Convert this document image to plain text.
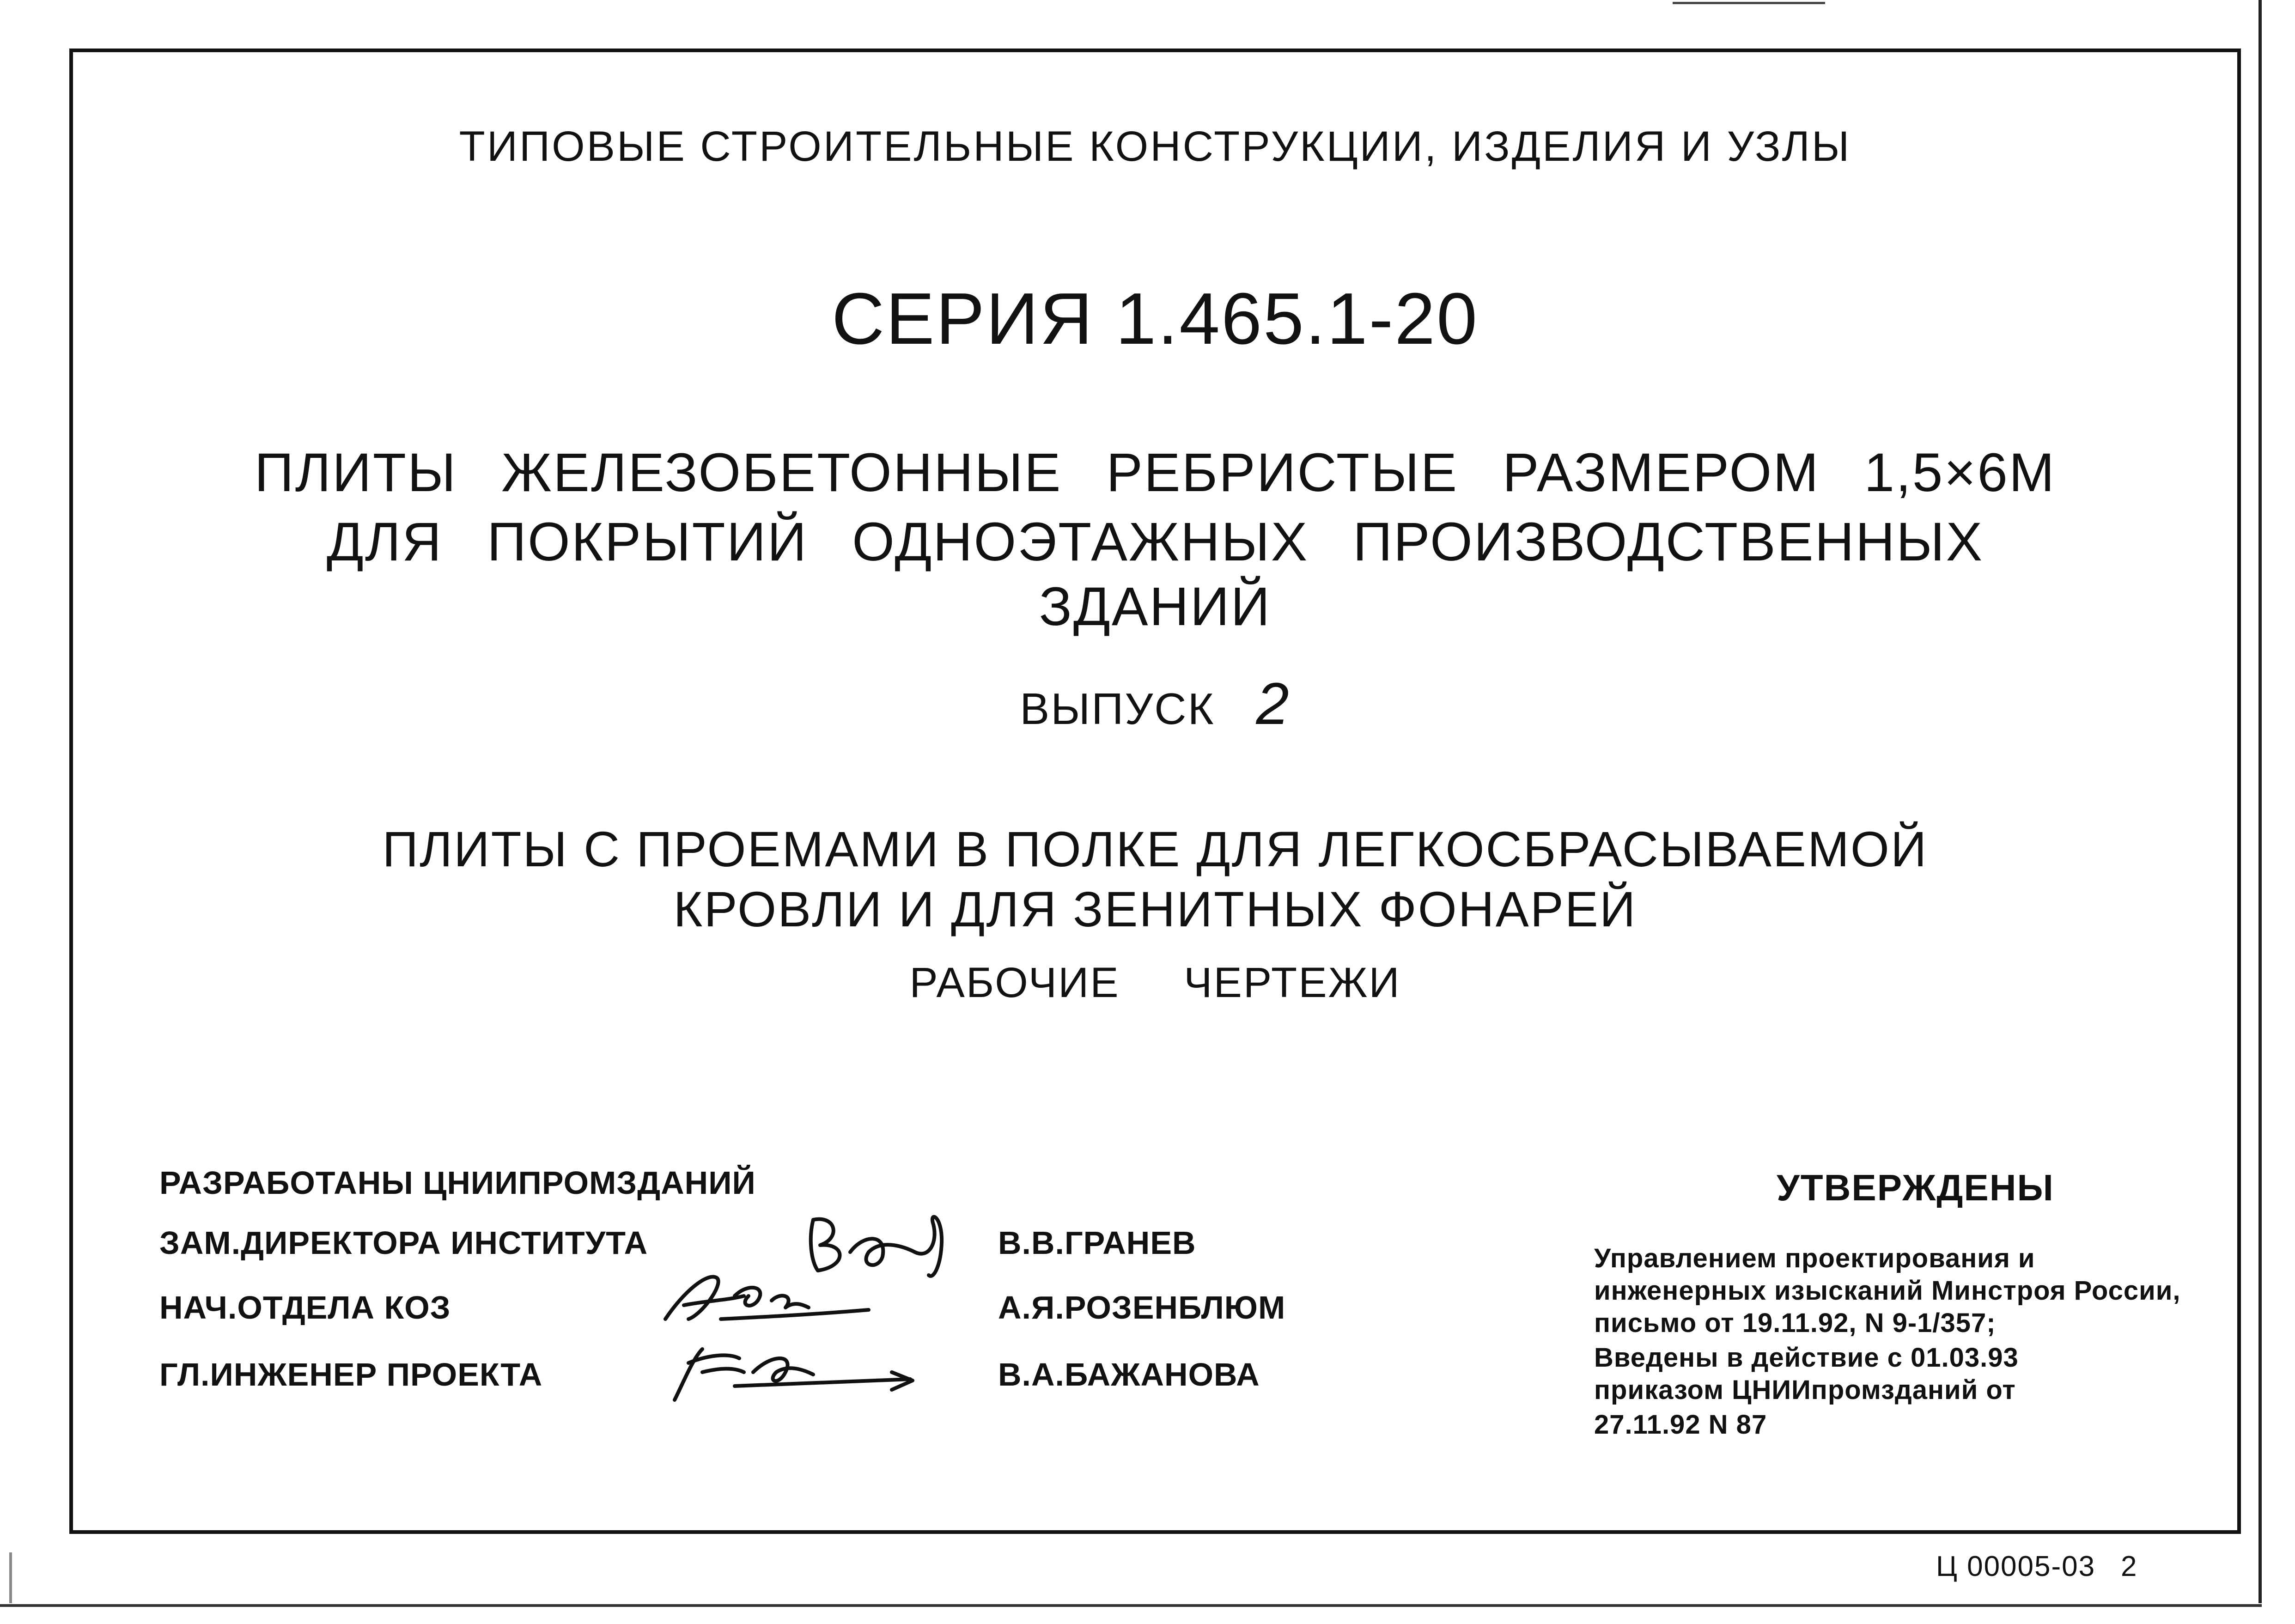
ТИПОВЫЕ СТРОИТЕЛЬНЫЕ КОНСТРУКЦИИ, ИЗДЕЛИЯ И УЗЛЫ
СЕРИЯ 1.465.1-20
ПЛИТЫ ЖЕЛЕЗОБЕТОННЫЕ РЕБРИСТЫЕ РАЗМЕРОМ 1,5×6М
ДЛЯ ПОКРЫТИЙ ОДНОЭТАЖНЫХ ПРОИЗВОДСТВЕННЫХ
ЗДАНИЙ
ВЫПУСК 2
ПЛИТЫ С ПРОЕМАМИ В ПОЛКЕ ДЛЯ ЛЕГКОСБРАСЫВАЕМОЙ
КРОВЛИ И ДЛЯ ЗЕНИТНЫХ ФОНАРЕЙ
РАБОЧИЕ ЧЕРТЕЖИ
РАЗРАБОТАНЫ ЦНИИПРОМЗДАНИЙ
ЗАМ.ДИРЕКТОРА ИНСТИТУТА	В.В.ГРАНЕВ
НАЧ.ОТДЕЛА КОЗ	А.Я.РОЗЕНБЛЮМ
ГЛ.ИНЖЕНЕР ПРОЕКТА	В.А.БАЖАНОВА
УТВЕРЖДЕНЫ
Управлением проектирования и
инженерных изысканий Минстроя России,
письмо от 19.11.92, N 9-1/357;
Введены в действие с 01.03.93
приказом ЦНИИпромзданий от
27.11.92 N 87
Ц 00005-03 2
